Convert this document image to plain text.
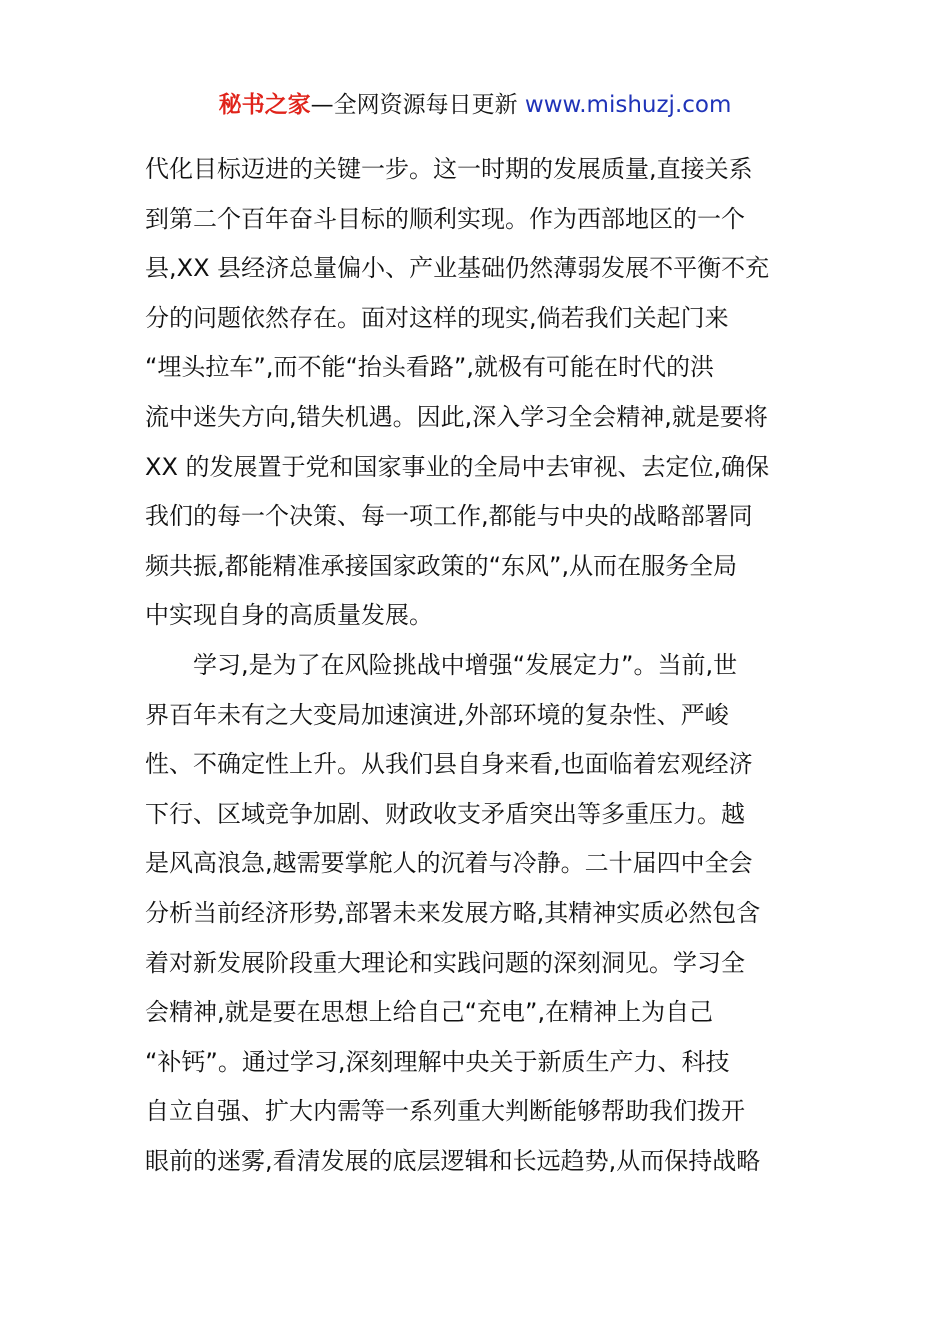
秘书之家—全网资源每日更新 www.mishuzj.com
代化目标迈进的关键一步。这一时期的发展质量,直接关系
到第二个百年奋斗目标的顺利实现。作为西部地区的一个
县,XX 县经济总量偏小、产业基础仍然薄弱发展不平衡不充
分的问题依然存在。面对这样的现实,倘若我们关起门来
“埋头拉车”,而不能“抬头看路”,就极有可能在时代的洪
流中迷失方向,错失机遇。因此,深入学习全会精神,就是要将
XX 的发展置于党和国家事业的全局中去审视、去定位,确保
我们的每一个决策、每一项工作,都能与中央的战略部署同
频共振,都能精准承接国家政策的“东风”,从而在服务全局
中实现自身的高质量发展。
　　学习,是为了在风险挑战中增强“发展定力”。当前,世
界百年未有之大变局加速演进,外部环境的复杂性、严峻
性、不确定性上升。从我们县自身来看,也面临着宏观经济
下行、区域竞争加剧、财政收支矛盾突出等多重压力。越
是风高浪急,越需要掌舵人的沉着与冷静。二十届四中全会
分析当前经济形势,部署未来发展方略,其精神实质必然包含
着对新发展阶段重大理论和实践问题的深刻洞见。学习全
会精神,就是要在思想上给自己“充电”,在精神上为自己
“补钙”。通过学习,深刻理解中央关于新质生产力、科技
自立自强、扩大内需等一系列重大判断能够帮助我们拨开
眼前的迷雾,看清发展的底层逻辑和长远趋势,从而保持战略
